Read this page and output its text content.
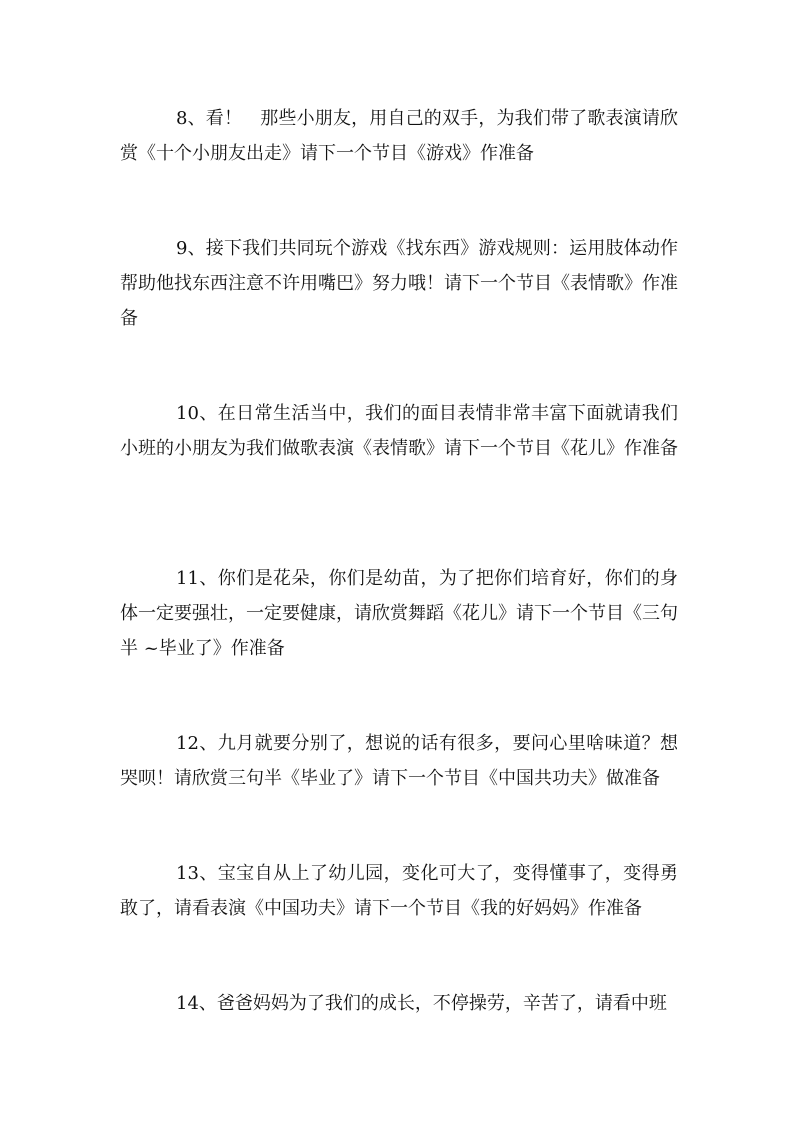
8、看！　那些小朋友，用自己的双手，为我们带了歌表演请欣赏《十个小朋友出走》请下一个节目《游戏》作准备

9、接下我们共同玩个游戏《找东西》游戏规则：运用肢体动作帮助他找东西注意不许用嘴巴》努力哦！请下一个节目《表情歌》作准备

10、在日常生活当中，我们的面目表情非常丰富下面就请我们小班的小朋友为我们做歌表演《表情歌》请下一个节目《花儿》作准备

11、你们是花朵，你们是幼苗，为了把你们培育好，你们的身体一定要强壮，一定要健康，请欣赏舞蹈《花儿》请下一个节目《三句半 ~毕业了》作准备

12、九月就要分别了，想说的话有很多，要问心里啥味道？想哭呗！请欣赏三句半《毕业了》请下一个节目《中国共功夫》做准备

13、宝宝自从上了幼儿园，变化可大了，变得懂事了，变得勇敢了，请看表演《中国功夫》请下一个节目《我的好妈妈》作准备

14、爸爸妈妈为了我们的成长，不停操劳，辛苦了，请看中班
